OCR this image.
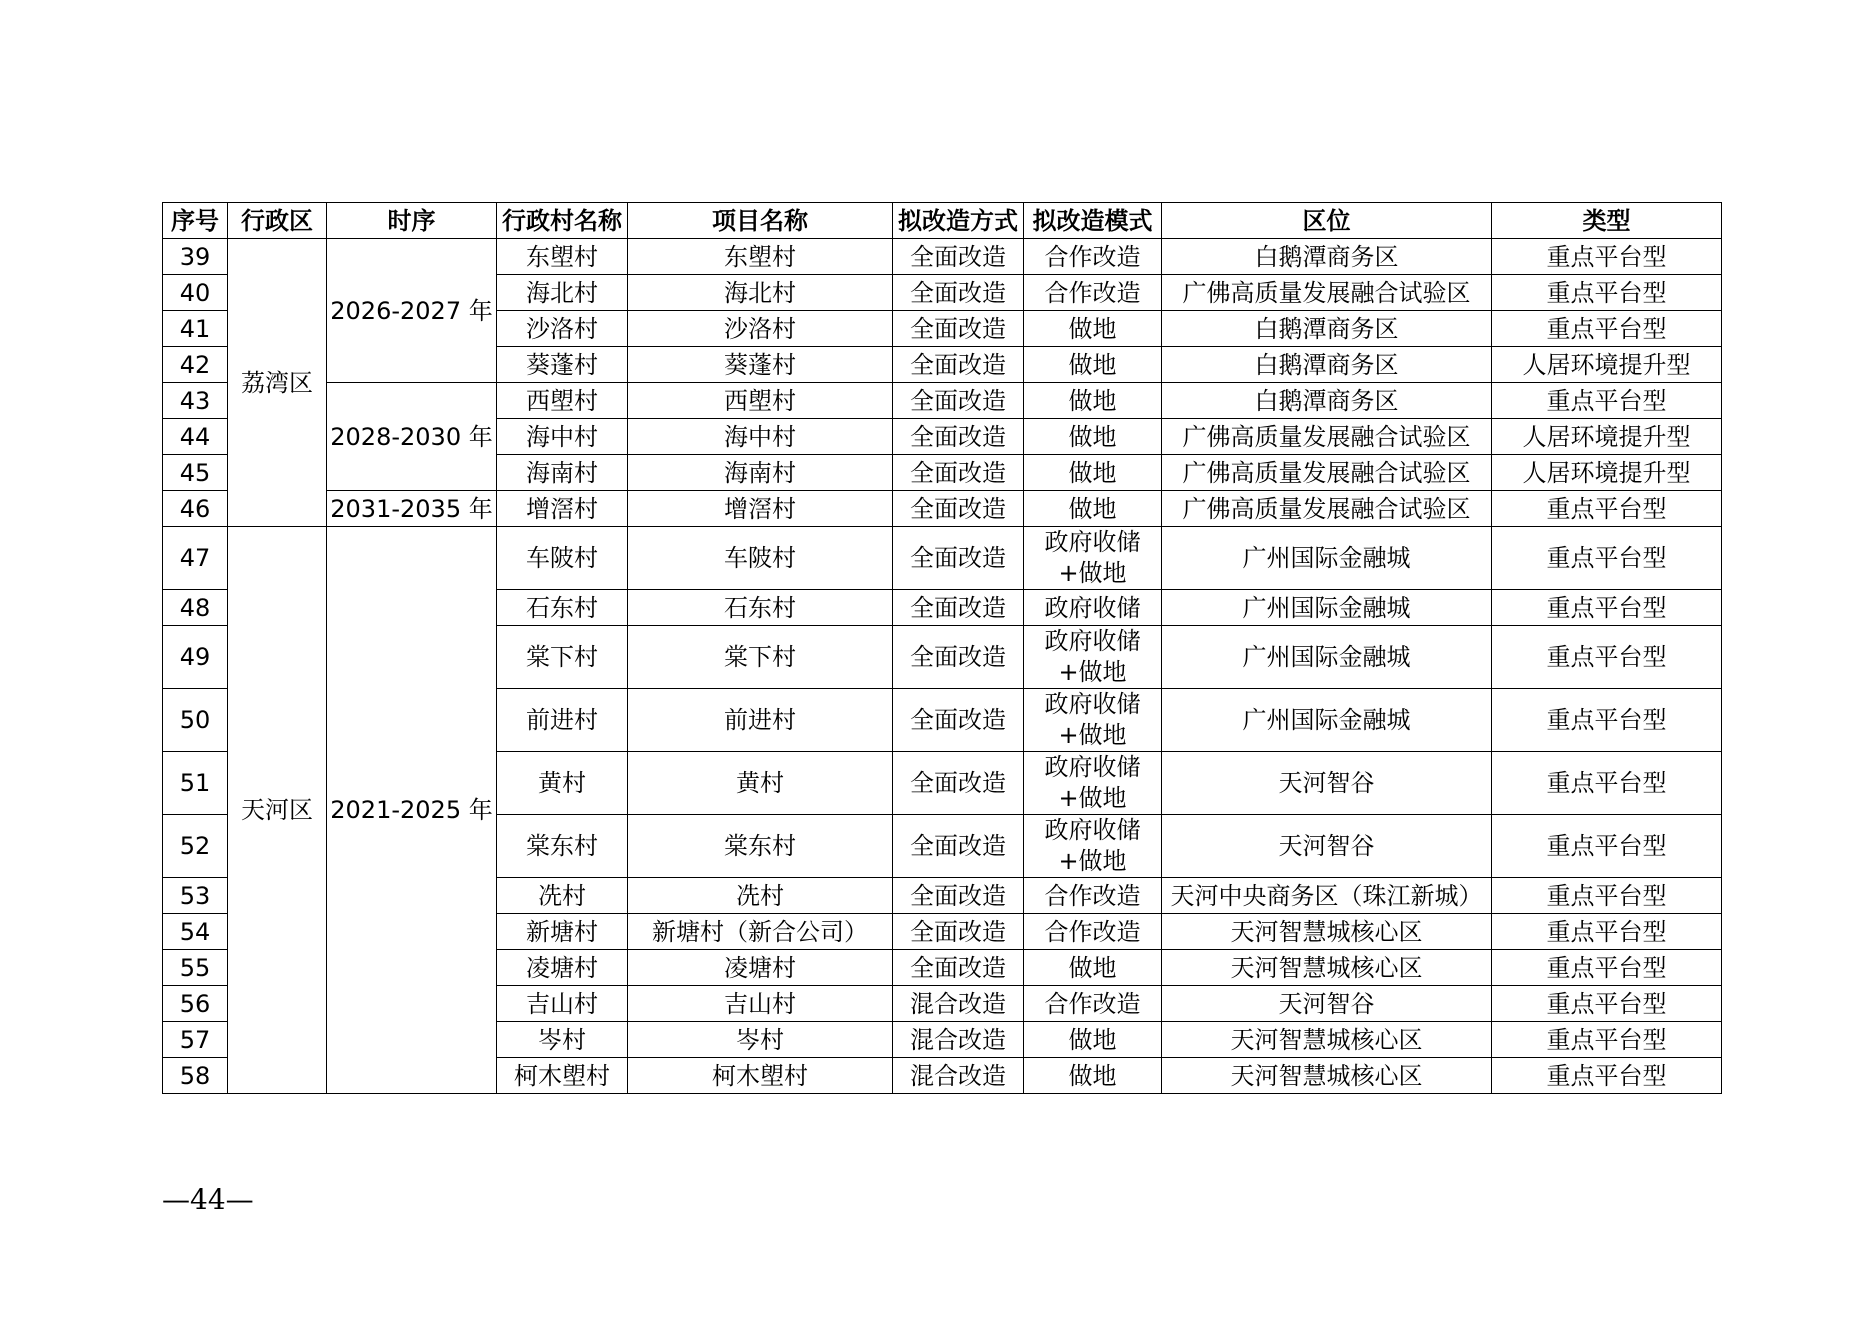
序号	行政区	时序	行政村名称	项目名称	拟改造方式	拟改造模式	区位	类型
39	荔湾区	2026-2027 年	东塱村	东塱村	全面改造	合作改造	白鹅潭商务区	重点平台型
40			海北村	海北村	全面改造	合作改造	广佛高质量发展融合试验区	重点平台型
41			沙洛村	沙洛村	全面改造	做地	白鹅潭商务区	重点平台型
42			葵蓬村	葵蓬村	全面改造	做地	白鹅潭商务区	人居环境提升型
43		2028-2030 年	西塱村	西塱村	全面改造	做地	白鹅潭商务区	重点平台型
44			海中村	海中村	全面改造	做地	广佛高质量发展融合试验区	人居环境提升型
45			海南村	海南村	全面改造	做地	广佛高质量发展融合试验区	人居环境提升型
46		2031-2035 年	增滘村	增滘村	全面改造	做地	广佛高质量发展融合试验区	重点平台型
47	天河区	2021-2025 年	车陂村	车陂村	全面改造	政府收储+做地	广州国际金融城	重点平台型
48			石东村	石东村	全面改造	政府收储	广州国际金融城	重点平台型
49			棠下村	棠下村	全面改造	政府收储+做地	广州国际金融城	重点平台型
50			前进村	前进村	全面改造	政府收储+做地	广州国际金融城	重点平台型
51			黄村	黄村	全面改造	政府收储+做地	天河智谷	重点平台型
52			棠东村	棠东村	全面改造	政府收储+做地	天河智谷	重点平台型
53			冼村	冼村	全面改造	合作改造	天河中央商务区（珠江新城）	重点平台型
54			新塘村	新塘村（新合公司）	全面改造	合作改造	天河智慧城核心区	重点平台型
55			凌塘村	凌塘村	全面改造	做地	天河智慧城核心区	重点平台型
56			吉山村	吉山村	混合改造	合作改造	天河智谷	重点平台型
57			岑村	岑村	混合改造	做地	天河智慧城核心区	重点平台型
58			柯木塱村	柯木塱村	混合改造	做地	天河智慧城核心区	重点平台型
—44—
